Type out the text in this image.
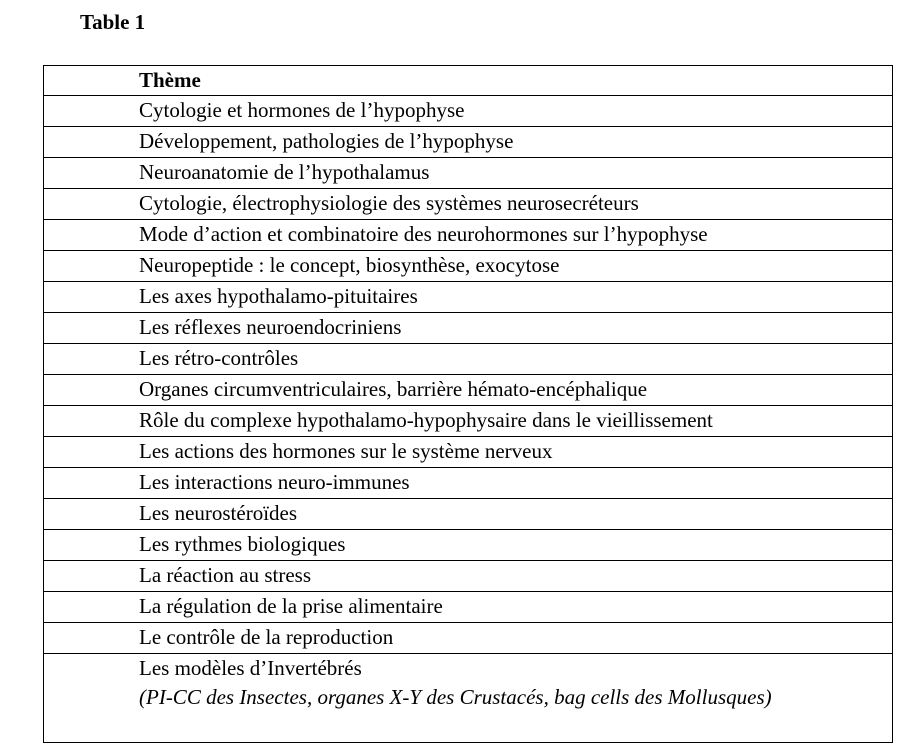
Table 1
Thème
Cytologie et hormones de l’hypophyse
Développement, pathologies de l’hypophyse
Neuroanatomie de l’hypothalamus
Cytologie, électrophysiologie des systèmes neurosecréteurs
Mode d’action et combinatoire des neurohormones sur l’hypophyse
Neuropeptide : le concept, biosynthèse, exocytose
Les axes hypothalamo-pituitaires
Les réflexes neuroendocriniens
Les rétro-contrôles
Organes circumventriculaires, barrière hémato-encéphalique
Rôle du complexe hypothalamo-hypophysaire dans le vieillissement
Les actions des hormones sur le système nerveux
Les interactions neuro-immunes
Les neurostéroïdes
Les rythmes biologiques
La réaction au stress
La régulation de la prise alimentaire
Le contrôle de la reproduction
Les modèles d’Invertébrés
(PI-CC des Insectes, organes X-Y des Crustacés, bag cells des Mollusques)
